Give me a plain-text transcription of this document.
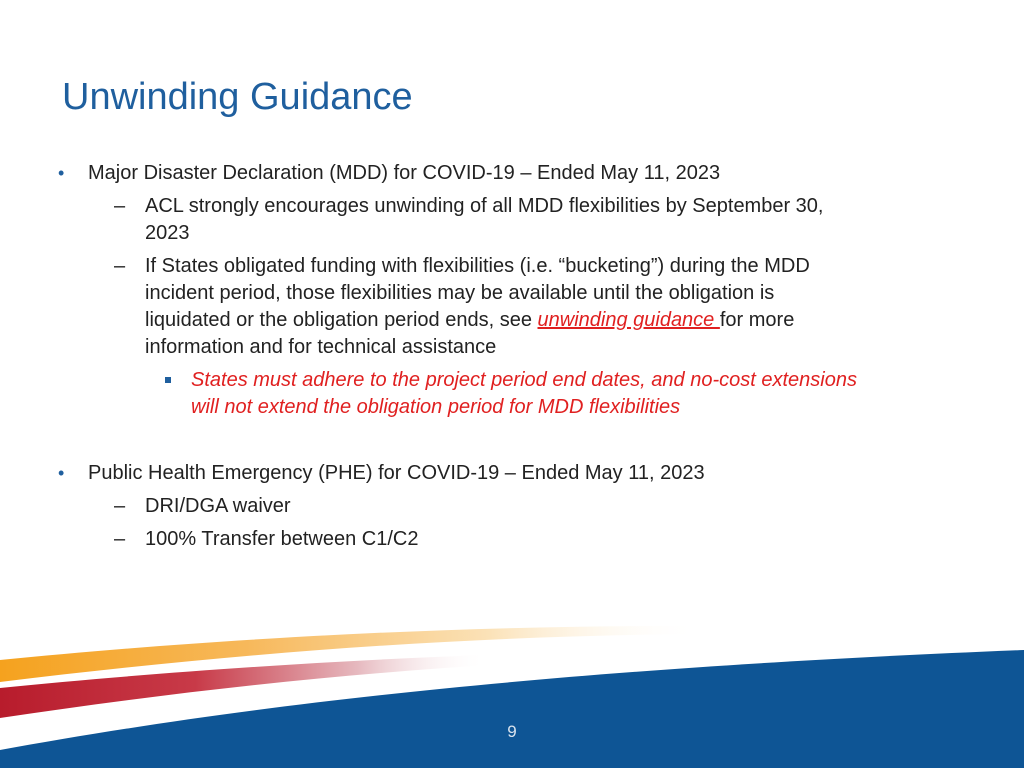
Unwinding Guidance
• Major Disaster Declaration (MDD) for COVID-19 – Ended May 11, 2023
– ACL strongly encourages unwinding of all MDD flexibilities by September 30,
2023
– If States obligated funding with flexibilities (i.e. “bucketing”) during the MDD
incident period, those flexibilities may be available until the obligation is
liquidated or the obligation period ends, see unwinding guidance for more
information and for technical assistance
States must adhere to the project period end dates, and no-cost extensions
will not extend the obligation period for MDD flexibilities
• Public Health Emergency (PHE) for COVID-19 – Ended May 11, 2023
– DRI/DGA waiver
– 100% Transfer between C1/C2
9
